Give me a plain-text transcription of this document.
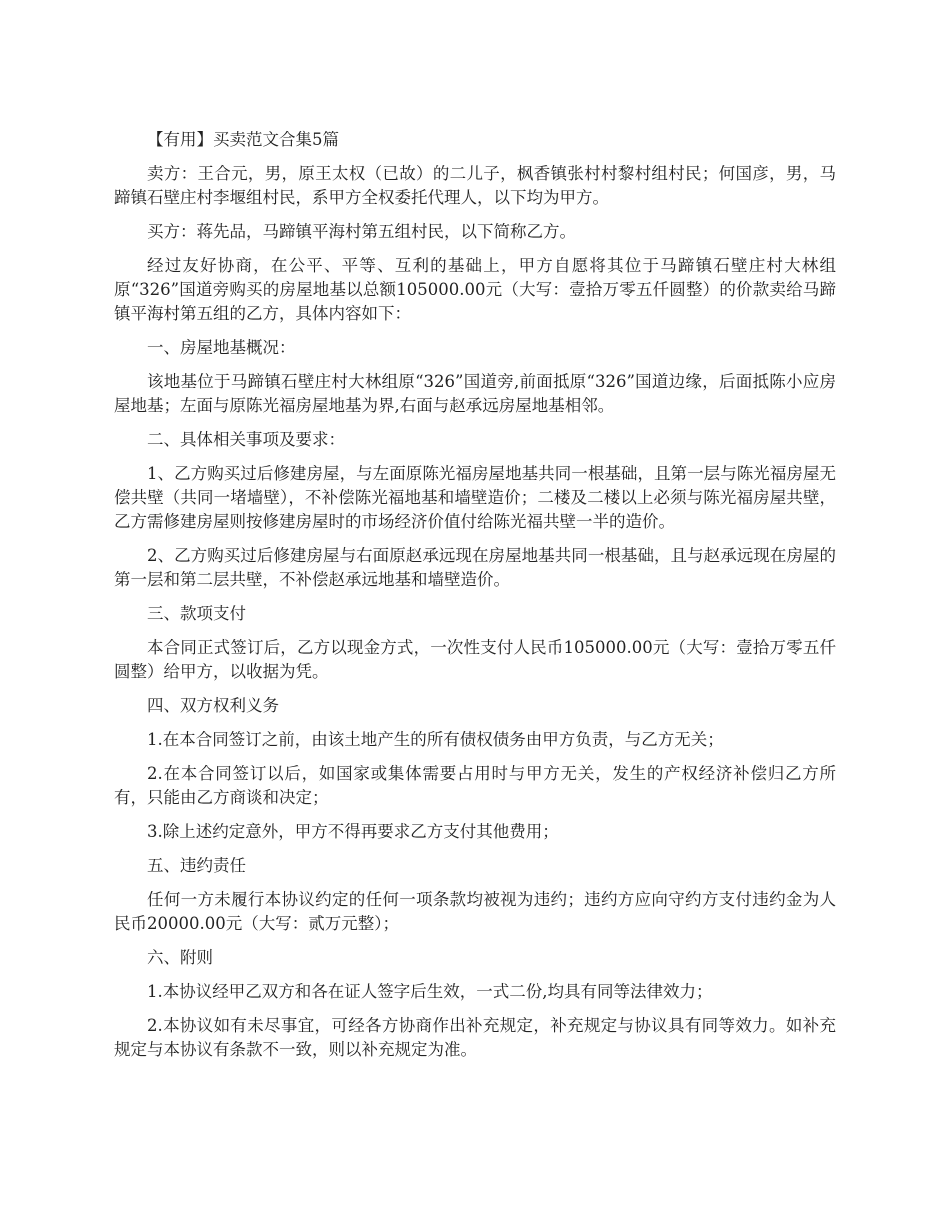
【有用】买卖范文合集5篇

卖方：王合元，男，原王太权（已故）的二儿子，枫香镇张村村黎村组村民；何国彦，男，马蹄镇石壁庄村李堰组村民，系甲方全权委托代理人，以下均为甲方。

买方：蒋先品，马蹄镇平海村第五组村民，以下简称乙方。

经过友好协商，在公平、平等、互利的基础上，甲方自愿将其位于马蹄镇石壁庄村大林组原“326”国道旁购买的房屋地基以总额105000.00元（大写：壹拾万零五仟圆整）的价款卖给马蹄镇平海村第五组的乙方，具体内容如下：

一、房屋地基概况：

该地基位于马蹄镇石壁庄村大林组原“326”国道旁,前面抵原“326”国道边缘，后面抵陈小应房屋地基；左面与原陈光福房屋地基为界,右面与赵承远房屋地基相邻。

二、具体相关事项及要求：

1、乙方购买过后修建房屋，与左面原陈光福房屋地基共同一根基础，且第一层与陈光福房屋无偿共壁（共同一堵墙壁），不补偿陈光福地基和墙壁造价；二楼及二楼以上必须与陈光福房屋共壁，乙方需修建房屋则按修建房屋时的市场经济价值付给陈光福共壁一半的造价。

2、乙方购买过后修建房屋与右面原赵承远现在房屋地基共同一根基础，且与赵承远现在房屋的第一层和第二层共壁，不补偿赵承远地基和墙壁造价。

三、款项支付

本合同正式签订后，乙方以现金方式，一次性支付人民币105000.00元（大写：壹拾万零五仟圆整）给甲方，以收据为凭。

四、双方权利义务

1.在本合同签订之前，由该土地产生的所有债权债务由甲方负责，与乙方无关；

2.在本合同签订以后，如国家或集体需要占用时与甲方无关，发生的产权经济补偿归乙方所有，只能由乙方商谈和决定；

3.除上述约定意外，甲方不得再要求乙方支付其他费用；

五、违约责任

任何一方未履行本协议约定的任何一项条款均被视为违约；违约方应向守约方支付违约金为人民币20000.00元（大写：贰万元整）；

六、附则

1.本协议经甲乙双方和各在证人签字后生效，一式二份,均具有同等法律效力；

2.本协议如有未尽事宜，可经各方协商作出补充规定，补充规定与协议具有同等效力。如补充规定与本协议有条款不一致，则以补充规定为准。
